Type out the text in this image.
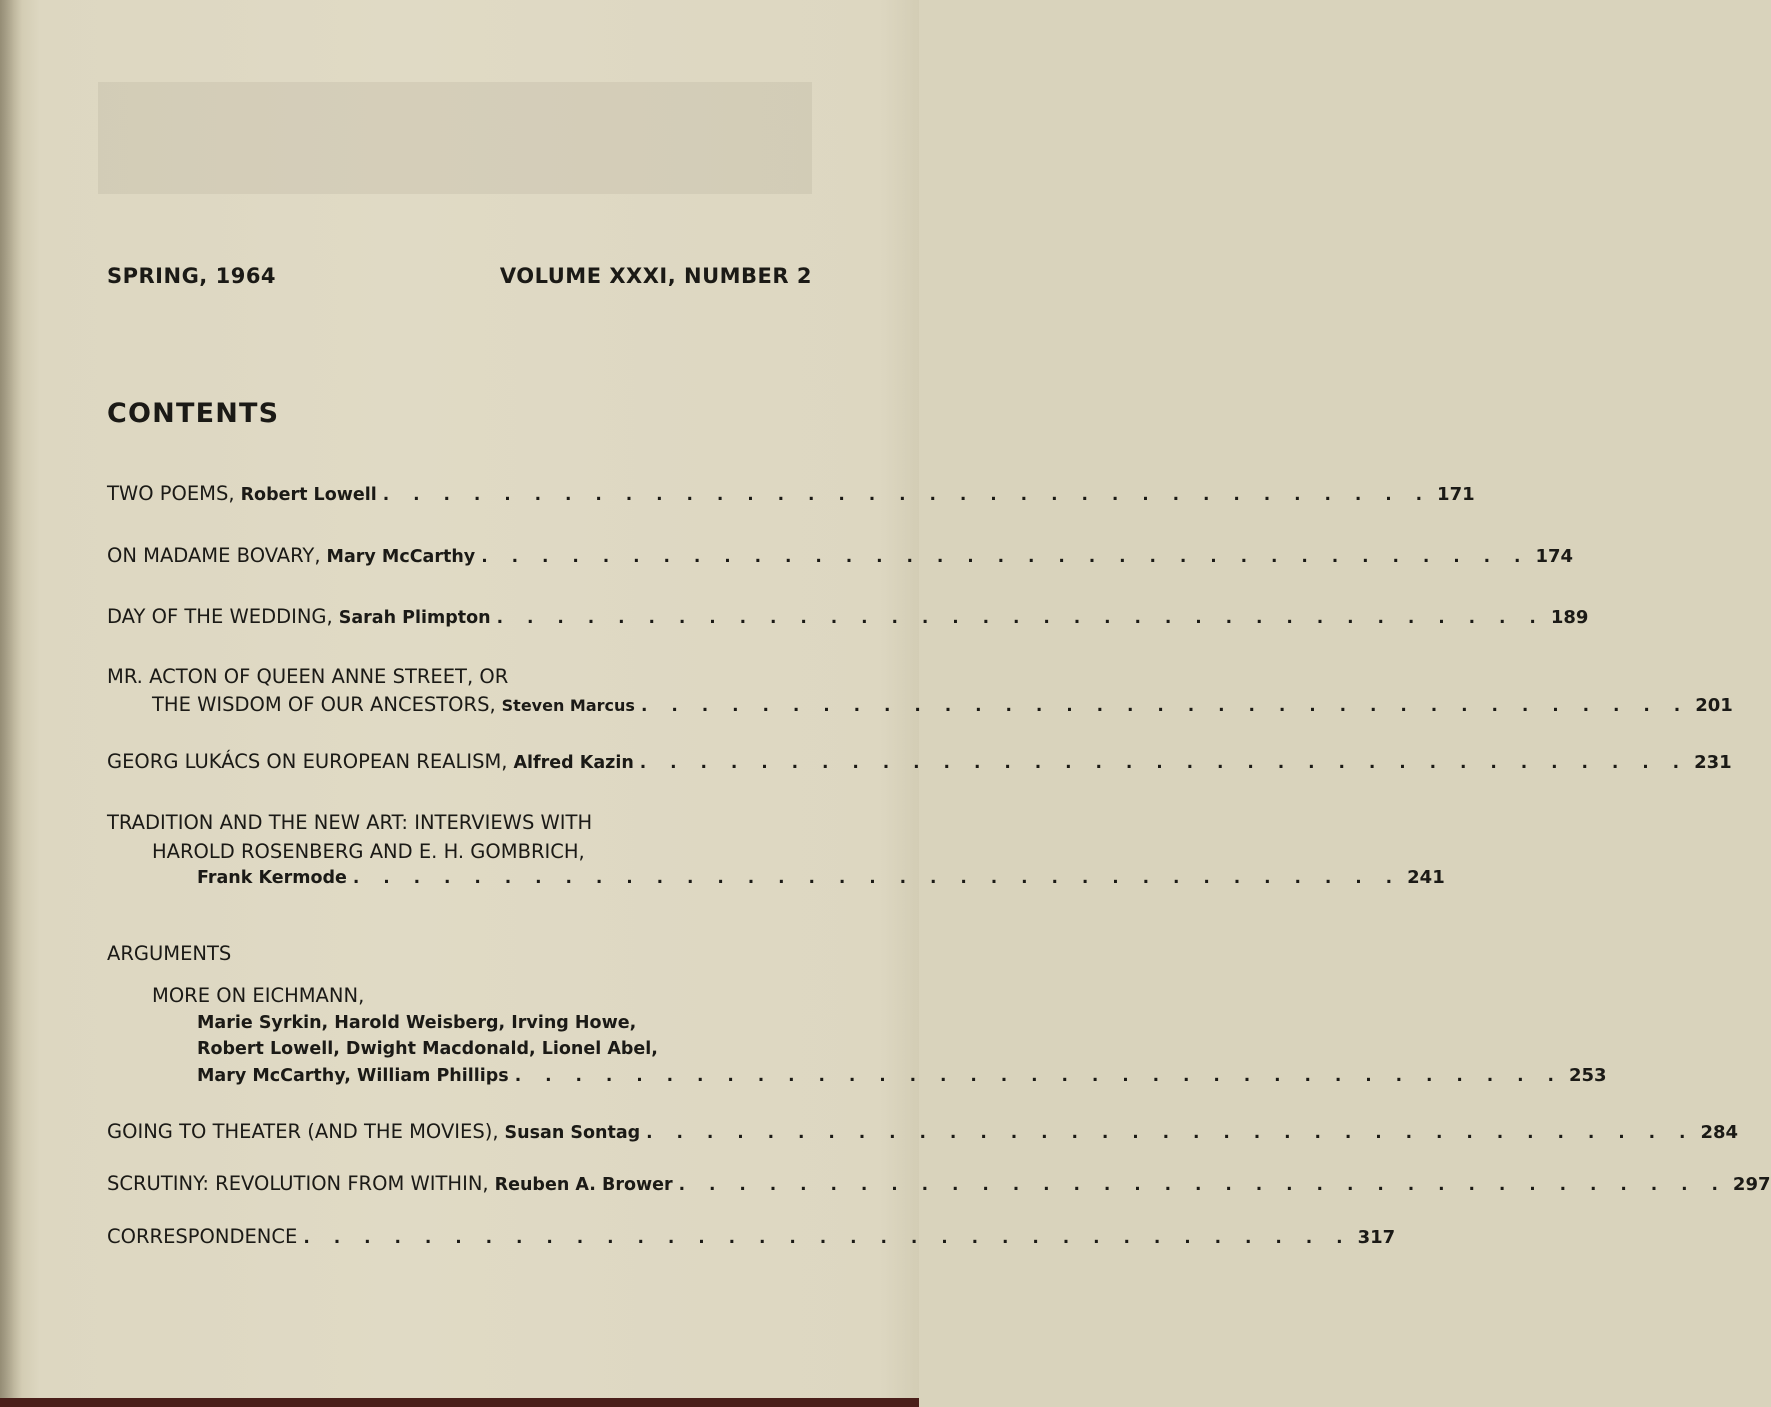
SPRING, 1964	VOLUME XXXI, NUMBER 2
CONTENTS
TWO POEMS, Robert Lowell . . . . . . . . . . . . . . . . . . . . . . . . . . . . . . . . . . . 171
ON MADAME BOVARY, Mary McCarthy . . . . . . . . . . . . . . . . . . . . . . . . . . . . . . . . . . . 174
DAY OF THE WEDDING, Sarah Plimpton . . . . . . . . . . . . . . . . . . . . . . . . . . . . . . . . . . . 189
MR. ACTON OF QUEEN ANNE STREET, OR
THE WISDOM OF OUR ANCESTORS, Steven Marcus . . . . . . . . . . . . . . . . . . . . . . . . . . . . . . . . . . . 201
GEORG LUKÁCS ON EUROPEAN REALISM, Alfred Kazin . . . . . . . . . . . . . . . . . . . . . . . . . . . . . . . . . . . 231
TRADITION AND THE NEW ART: INTERVIEWS WITH
HAROLD ROSENBERG AND E. H. GOMBRICH,
Frank Kermode . . . . . . . . . . . . . . . . . . . . . . . . . . . . . . . . . . . 241
ARGUMENTS
MORE ON EICHMANN,
Marie Syrkin, Harold Weisberg, Irving Howe,
Robert Lowell, Dwight Macdonald, Lionel Abel,
Mary McCarthy, William Phillips . . . . . . . . . . . . . . . . . . . . . . . . . . . . . . . . . . . 253
GOING TO THEATER (AND THE MOVIES), Susan Sontag . . . . . . . . . . . . . . . . . . . . . . . . . . . . . . . . . . . 284
SCRUTINY: REVOLUTION FROM WITHIN, Reuben A. Brower . . . . . . . . . . . . . . . . . . . . . . . . . . . . . . . . . . . 297
CORRESPONDENCE . . . . . . . . . . . . . . . . . . . . . . . . . . . . . . . . . . . 317
